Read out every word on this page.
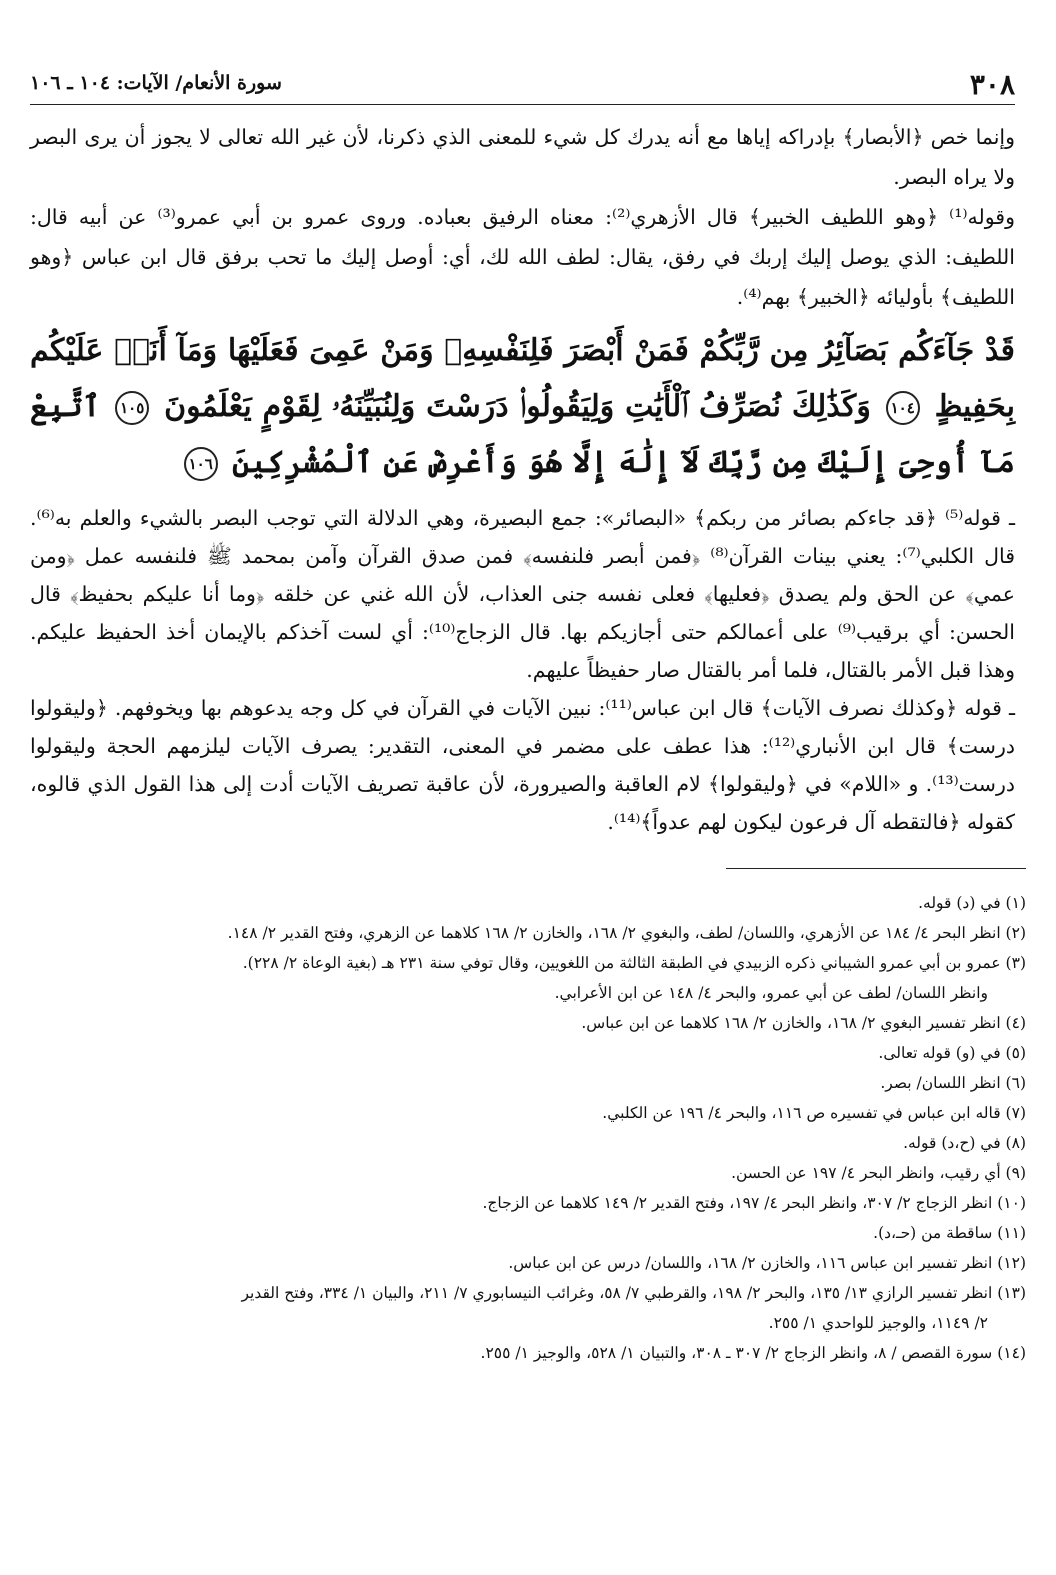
٣٠٨
سورة الأنعام/ الآيات: ١٠٤ ـ ١٠٦

وإنما خص ﴿الأبصار﴾ بإدراكه إياها مع أنه يدرك كل شيء للمعنى الذي ذكرنا، لأن غير الله تعالى لا يجوز أن يرى البصر ولا يراه البصر.

وقوله⁽¹⁾ ﴿وهو اللطيف الخبير﴾ قال الأزهري⁽²⁾: معناه الرفيق بعباده. وروى عمرو بن أبي عمرو⁽³⁾ عن أبيه قال: اللطيف: الذي يوصل إليك إربك في رفق، يقال: لطف الله لك، أي: أوصل إليك ما تحب برفق قال ابن عباس ﴿وهو اللطيف﴾ بأوليائه ﴿الخبير﴾ بهم⁽⁴⁾.

قَدْ جَآءَكُم بَصَآئِرُ مِن رَّبِّكُمْ فَمَنْ أَبْصَرَ فَلِنَفْسِهِۦ وَمَنْ عَمِىَ فَعَلَيْهَا وَمَآ أَنَا۠ عَلَيْكُم بِحَفِيظٍ ١٠٤ وَكَذَٰلِكَ نُصَرِّفُ ٱلْأَيَٰتِ وَلِيَقُولُوا۟ دَرَسْتَ وَلِنُبَيِّنَهُۥ لِقَوْمٍ يَعْلَمُونَ ١٠٥ ٱتَّبِعْ مَآ أُوحِىَ إِلَيْكَ مِن رَّبِّكَ لَآ إِلَٰهَ إِلَّا هُوَ وَأَعْرِضْ عَنِ ٱلْمُشْرِكِينَ ١٠٦

ـ قوله⁽⁵⁾ ﴿قد جاءكم بصائر من ربكم﴾ «البصائر»: جمع البصيرة، وهي الدلالة التي توجب البصر بالشيء والعلم به⁽⁶⁾. قال الكلبي⁽⁷⁾: يعني بينات القرآن⁽⁸⁾ ﴿فمن أبصر فلنفسه﴾ فمن صدق القرآن وآمن بمحمد ﷺ فلنفسه عمل ﴿ومن عمي﴾ عن الحق ولم يصدق ﴿فعليها﴾ فعلى نفسه جنى العذاب، لأن الله غني عن خلقه ﴿وما أنا عليكم بحفيظ﴾ قال الحسن: أي برقيب⁽⁹⁾ على أعمالكم حتى أجازيكم بها. قال الزجاج⁽¹⁰⁾: أي لست آخذكم بالإيمان أخذ الحفيظ عليكم. وهذا قبل الأمر بالقتال، فلما أمر بالقتال صار حفيظاً عليهم.

ـ قوله ﴿وكذلك نصرف الآيات﴾ قال ابن عباس⁽¹¹⁾: نبين الآيات في القرآن في كل وجه يدعوهم بها ويخوفهم. ﴿وليقولوا درست﴾ قال ابن الأنباري⁽¹²⁾: هذا عطف على مضمر في المعنى، التقدير: يصرف الآيات ليلزمهم الحجة وليقولوا درست⁽¹³⁾. و «اللام» في ﴿وليقولوا﴾ لام العاقبة والصيرورة، لأن عاقبة تصريف الآيات أدت إلى هذا القول الذي قالوه، كقوله ﴿فالتقطه آل فرعون ليكون لهم عدواً﴾⁽¹⁴⁾.

(١) في (د) قوله.

(٢) انظر البحر ٤/ ١٨٤ عن الأزهري، واللسان/ لطف، والبغوي ٢/ ١٦٨، والخازن ٢/ ١٦٨ كلاهما عن الزهري، وفتح القدير ٢/ ١٤٨.

(٣) عمرو بن أبي عمرو الشيباني ذكره الزبيدي في الطبقة الثالثة من اللغويين، وقال توفي سنة ٢٣١ هـ (بغية الوعاة ٢/ ٢٢٨).

وانظر اللسان/ لطف عن أبي عمرو، والبحر ٤/ ١٤٨ عن ابن الأعرابي.

(٤) انظر تفسير البغوي ٢/ ١٦٨، والخازن ٢/ ١٦٨ كلاهما عن ابن عباس.

(٥) في (و) قوله تعالى.

(٦) انظر اللسان/ بصر.

(٧) قاله ابن عباس في تفسيره ص ١١٦، والبحر ٤/ ١٩٦ عن الكلبي.

(٨) في (ح،د) قوله.

(٩) أي رقيب، وانظر البحر ٤/ ١٩٧ عن الحسن.

(١٠) انظر الزجاج ٢/ ٣٠٧، وانظر البحر ٤/ ١٩٧، وفتح القدير ٢/ ١٤٩ كلاهما عن الزجاج.

(١١) ساقطة من (حـ،د).

(١٢) انظر تفسير ابن عباس ١١٦، والخازن ٢/ ١٦٨، واللسان/ درس عن ابن عباس.

(١٣) انظر تفسير الرازي ١٣/ ١٣٥، والبحر ٢/ ١٩٨، والقرطبي ٧/ ٥٨، وغرائب النيسابوري ٧/ ٢١١، والبيان ١/ ٣٣٤، وفتح القدير

٢/ ١١٤٩، والوجيز للواحدي ١/ ٢٥٥.

(١٤) سورة القصص / ٨، وانظر الزجاج ٢/ ٣٠٧ ـ ٣٠٨، والتبيان ١/ ٥٢٨، والوجيز ١/ ٢٥٥.
